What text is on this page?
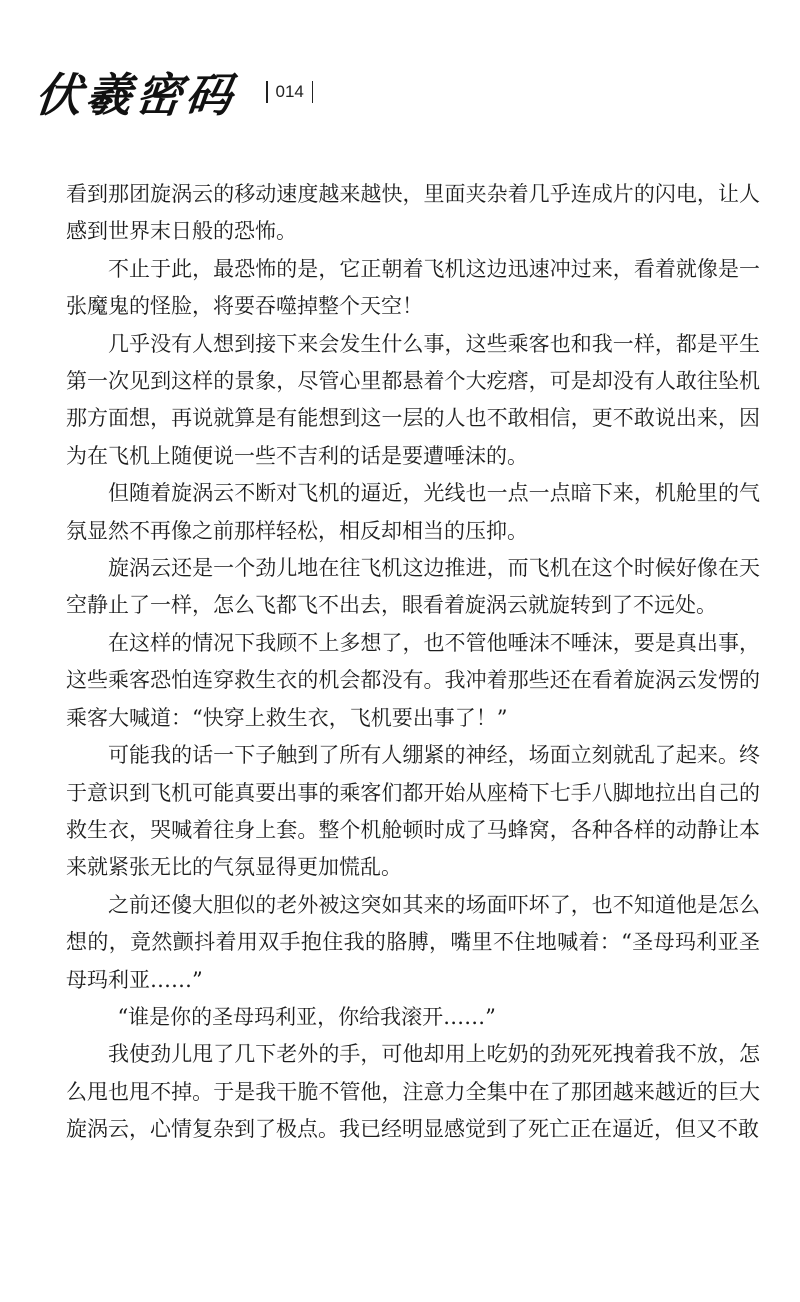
伏羲密码 014

看到那团旋涡云的移动速度越来越快，里面夹杂着几乎连成片的闪电，让人感到世界末日般的恐怖。

不止于此，最恐怖的是，它正朝着飞机这边迅速冲过来，看着就像是一张魔鬼的怪脸，将要吞噬掉整个天空！

几乎没有人想到接下来会发生什么事，这些乘客也和我一样，都是平生第一次见到这样的景象，尽管心里都悬着个大疙瘩，可是却没有人敢往坠机那方面想，再说就算是有能想到这一层的人也不敢相信，更不敢说出来，因为在飞机上随便说一些不吉利的话是要遭唾沫的。

但随着旋涡云不断对飞机的逼近，光线也一点一点暗下来，机舱里的气氛显然不再像之前那样轻松，相反却相当的压抑。

旋涡云还是一个劲儿地在往飞机这边推进，而飞机在这个时候好像在天空静止了一样，怎么飞都飞不出去，眼看着旋涡云就旋转到了不远处。

在这样的情况下我顾不上多想了，也不管他唾沫不唾沫，要是真出事，这些乘客恐怕连穿救生衣的机会都没有。我冲着那些还在看着旋涡云发愣的乘客大喊道：“快穿上救生衣，飞机要出事了！”

可能我的话一下子触到了所有人绷紧的神经，场面立刻就乱了起来。终于意识到飞机可能真要出事的乘客们都开始从座椅下七手八脚地拉出自己的救生衣，哭喊着往身上套。整个机舱顿时成了马蜂窝，各种各样的动静让本来就紧张无比的气氛显得更加慌乱。

之前还傻大胆似的老外被这突如其来的场面吓坏了，也不知道他是怎么想的，竟然颤抖着用双手抱住我的胳膊，嘴里不住地喊着：“圣母玛利亚圣母玛利亚……”

“谁是你的圣母玛利亚，你给我滚开……”

我使劲儿甩了几下老外的手，可他却用上吃奶的劲死死拽着我不放，怎么甩也甩不掉。于是我干脆不管他，注意力全集中在了那团越来越近的巨大旋涡云，心情复杂到了极点。我已经明显感觉到了死亡正在逼近，但又不敢
